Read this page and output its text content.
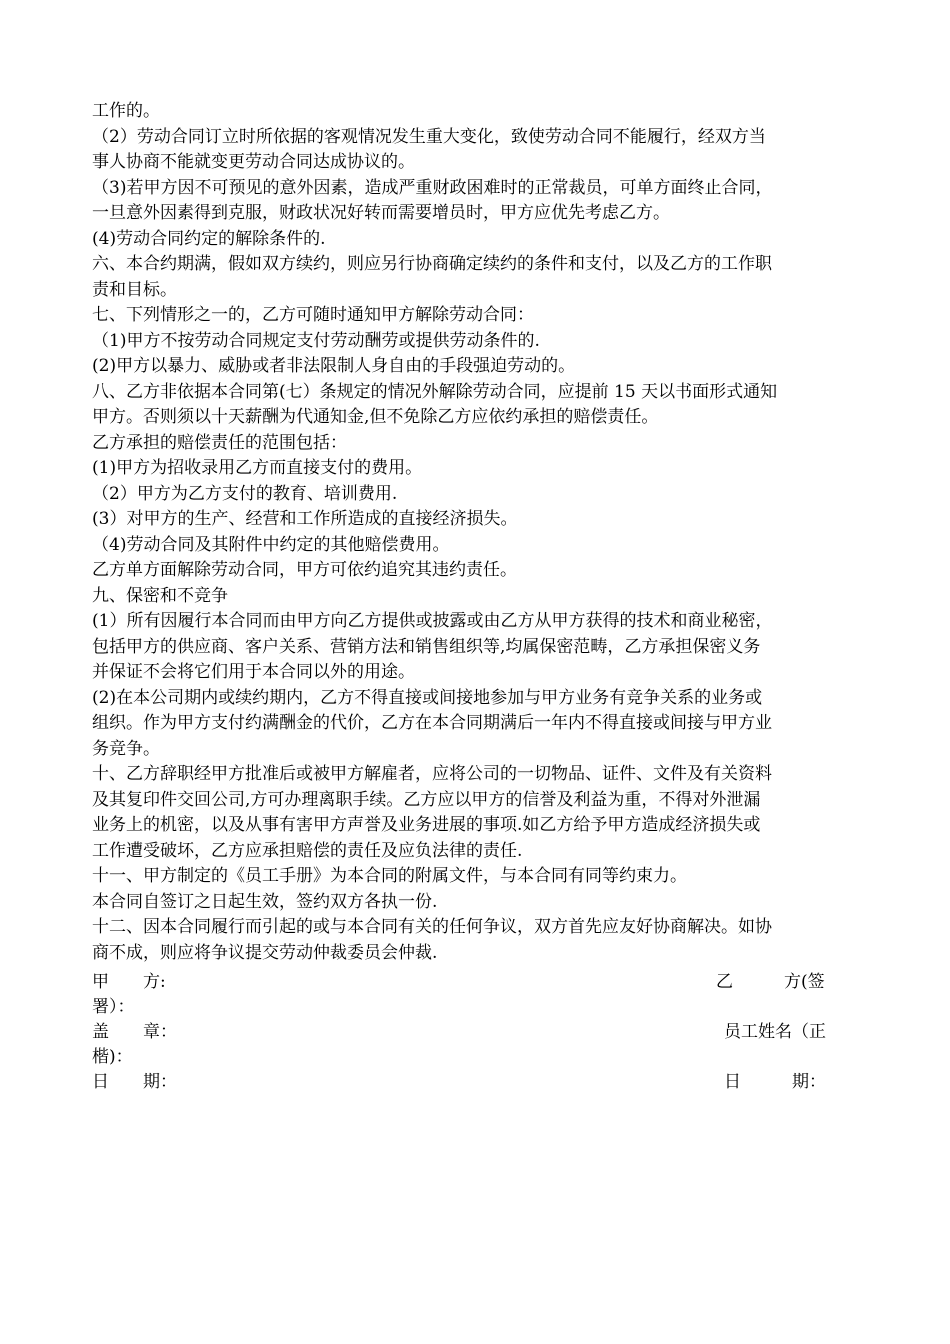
工作的。
（2）劳动合同订立时所依据的客观情况发生重大变化，致使劳动合同不能履行，经双方当
事人协商不能就变更劳动合同达成协议的。
（3)若甲方因不可预见的意外因素，造成严重财政困难时的正常裁员，可单方面终止合同，
一旦意外因素得到克服，财政状况好转而需要增员时，甲方应优先考虑乙方。
(4)劳动合同约定的解除条件的.
六、本合约期满，假如双方续约，则应另行协商确定续约的条件和支付，以及乙方的工作职
责和目标。
七、下列情形之一的，乙方可随时通知甲方解除劳动合同：
（1)甲方不按劳动合同规定支付劳动酬劳或提供劳动条件的.
(2)甲方以暴力、威胁或者非法限制人身自由的手段强迫劳动的。
八、乙方非依据本合同第(七）条规定的情况外解除劳动合同，应提前 15 天以书面形式通知
甲方。否则须以十天薪酬为代通知金,但不免除乙方应依约承担的赔偿责任。
乙方承担的赔偿责任的范围包括：
(1)甲方为招收录用乙方而直接支付的费用。
（2）甲方为乙方支付的教育、培训费用.
(3）对甲方的生产、经营和工作所造成的直接经济损失。
（4)劳动合同及其附件中约定的其他赔偿费用。
乙方单方面解除劳动合同，甲方可依约追究其违约责任。
九、保密和不竞争
(1）所有因履行本合同而由甲方向乙方提供或披露或由乙方从甲方获得的技术和商业秘密，
包括甲方的供应商、客户关系、营销方法和销售组织等,均属保密范畴，乙方承担保密义务
并保证不会将它们用于本合同以外的用途。
(2)在本公司期内或续约期内，乙方不得直接或间接地参加与甲方业务有竞争关系的业务或
组织。作为甲方支付约满酬金的代价，乙方在本合同期满后一年内不得直接或间接与甲方业
务竞争。
十、乙方辞职经甲方批准后或被甲方解雇者，应将公司的一切物品、证件、文件及有关资料
及其复印件交回公司,方可办理离职手续。乙方应以甲方的信誉及利益为重，不得对外泄漏
业务上的机密，以及从事有害甲方声誉及业务进展的事项.如乙方给予甲方造成经济损失或
工作遭受破坏，乙方应承担赔偿的责任及应负法律的责任.
十一、甲方制定的《员工手册》为本合同的附属文件，与本合同有同等约束力。
本合同自签订之日起生效，签约双方各执一份.
十二、因本合同履行而引起的或与本合同有关的任何争议，双方首先应友好协商解决。如协
商不成，则应将争议提交劳动仲裁委员会仲裁.
甲　　方:	乙　　　方(签
署）：
盖　　章：	员工姓名（正
楷)：
日　　期：	日　　　期：
